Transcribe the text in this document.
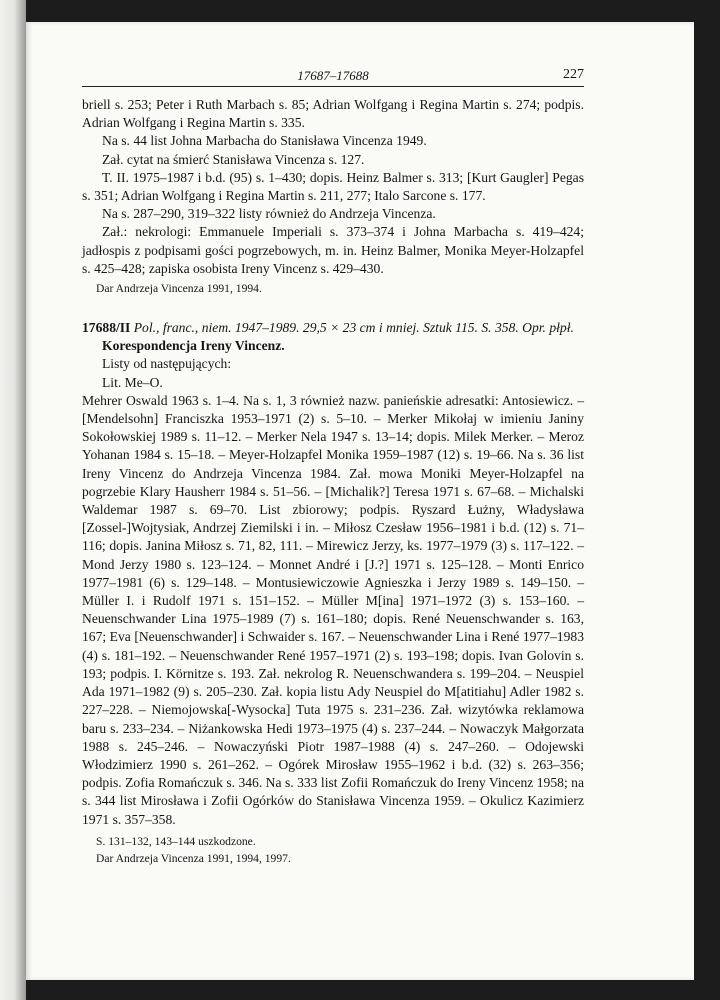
17687–17688	227

briell s. 253; Peter i Ruth Marbach s. 85; Adrian Wolfgang i Regina Martin s. 274; podpis. Adrian Wolfgang i Regina Martin s. 335.

Na s. 44 list Johna Marbacha do Stanisława Vincenza 1949.

Zał. cytat na śmierć Stanisława Vincenza s. 127.

T. II. 1975–1987 i b.d. (95) s. 1–430; dopis. Heinz Balmer s. 313; [Kurt Gaugler] Pegas s. 351; Adrian Wolfgang i Regina Martin s. 211, 277; Italo Sarcone s. 177.

Na s. 287–290, 319–322 listy również do Andrzeja Vincenza.

Zał.: nekrologi: Emmanuele Imperiali s. 373–374 i Johna Marbacha s. 419–424; jadłospis z podpisami gości pogrzebowych, m. in. Heinz Balmer, Monika Meyer-Holzapfel s. 425–428; zapiska osobista Ireny Vincenz s. 429–430.

Dar Andrzeja Vincenza 1991, 1994.

17688/II Pol., franc., niem. 1947–1989. 29,5 × 23 cm i mniej. Sztuk 115. S. 358. Opr. płpł.

Korespondencja Ireny Vincenz.

Listy od następujących:

Lit. Me–O.

Mehrer Oswald 1963 s. 1–4. Na s. 1, 3 również nazw. panieńskie adresatki: Antosiewicz. – [Mendelsohn] Franciszka 1953–1971 (2) s. 5–10. – Merker Mikołaj w imieniu Janiny Sokołowskiej 1989 s. 11–12. – Merker Nela 1947 s. 13–14; dopis. Milek Merker. – Meroz Yohanan 1984 s. 15–18. – Meyer-Holzapfel Monika 1959–1987 (12) s. 19–66. Na s. 36 list Ireny Vincenz do Andrzeja Vincenza 1984. Zał. mowa Moniki Meyer-Holzapfel na pogrzebie Klary Hausherr 1984 s. 51–56. – [Michalik?] Teresa 1971 s. 67–68. – Michalski Waldemar 1987 s. 69–70. List zbiorowy; podpis. Ryszard Łużny, Władysława [Zossel-]Wojtysiak, Andrzej Ziemilski i in. – Miłosz Czesław 1956–1981 i b.d. (12) s. 71–116; dopis. Janina Miłosz s. 71, 82, 111. – Mirewicz Jerzy, ks. 1977–1979 (3) s. 117–122. – Mond Jerzy 1980 s. 123–124. – Monnet André i [J.?] 1971 s. 125–128. – Monti Enrico 1977–1981 (6) s. 129–148. – Montusiewiczowie Agnieszka i Jerzy 1989 s. 149–150. – Müller I. i Rudolf 1971 s. 151–152. – Müller M[ina] 1971–1972 (3) s. 153–160. – Neuenschwander Lina 1975–1989 (7) s. 161–180; dopis. René Neuenschwander s. 163, 167; Eva [Neuenschwander] i Schwaider s. 167. – Neuenschwander Lina i René 1977–1983 (4) s. 181–192. – Neuenschwander René 1957–1971 (2) s. 193–198; dopis. Ivan Golovin s. 193; podpis. I. Körnitze s. 193. Zał. nekrolog R. Neuenschwandera s. 199–204. – Neuspiel Ada 1971–1982 (9) s. 205–230. Zał. kopia listu Ady Neuspiel do M[atitiahu] Adler 1982 s. 227–228. – Niemojowska[-Wysocka] Tuta 1975 s. 231–236. Zał. wizytówka reklamowa baru s. 233–234. – Niżankowska Hedi 1973–1975 (4) s. 237–244. – Nowaczyk Małgorzata 1988 s. 245–246. – Nowaczyński Piotr 1987–1988 (4) s. 247–260. – Odojewski Włodzimierz 1990 s. 261–262. – Ogórek Mirosław 1955–1962 i b.d. (32) s. 263–356; podpis. Zofia Romańczuk s. 346. Na s. 333 list Zofii Romańczuk do Ireny Vincenz 1958; na s. 344 list Mirosława i Zofii Ogórków do Stanisława Vincenza 1959. – Okulicz Kazimierz 1971 s. 357–358.

S. 131–132, 143–144 uszkodzone.

Dar Andrzeja Vincenza 1991, 1994, 1997.
